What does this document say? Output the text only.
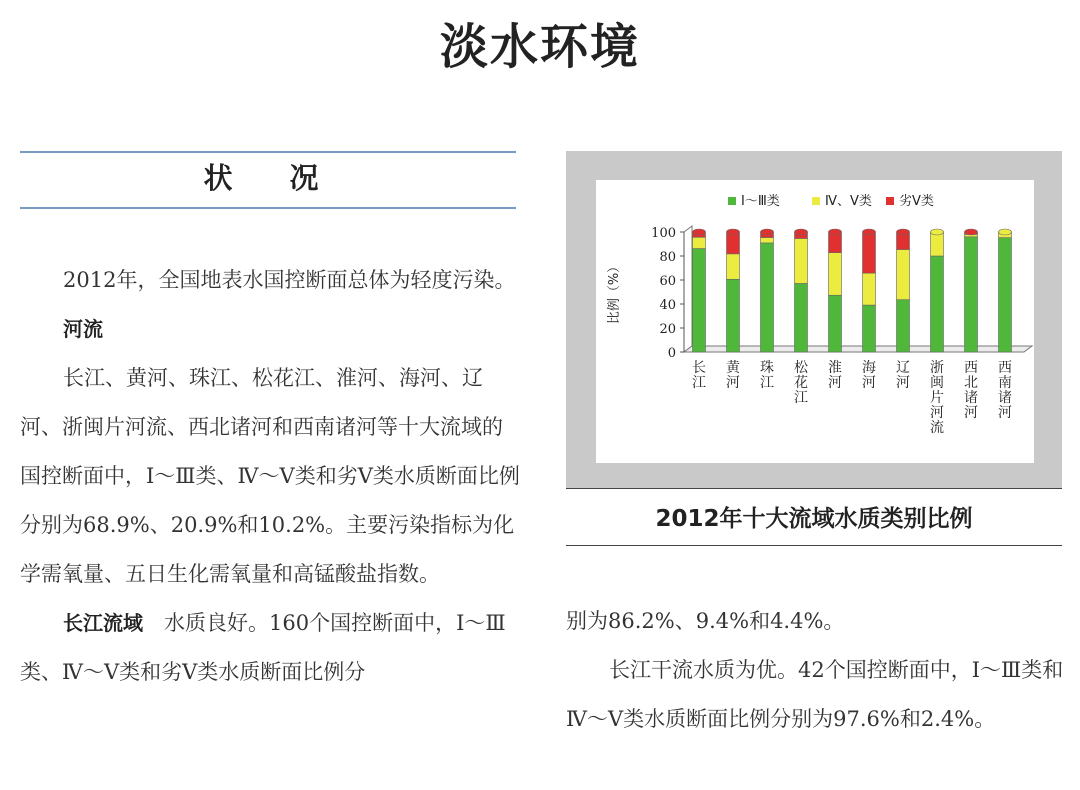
淡水环境
状　况

2012年，全国地表水国控断面总体为轻度污染。

河流

长江、黄河、珠江、松花江、淮河、海河、辽河、浙闽片河流、西北诸河和西南诸河等十大流域的国控断面中，Ⅰ～Ⅲ类、Ⅳ～Ⅴ类和劣Ⅴ类水质断面比例分别为68.9%、20.9%和10.2%。主要污染指标为化学需氧量、五日生化需氧量和高锰酸盐指数。

长江流域　 水质良好。160个国控断面中，Ⅰ～Ⅲ类、Ⅳ～Ⅴ类和劣Ⅴ类水质断面比例分

0
20
40
60
80
100
比例（%）
长
江
黄
河
珠
江
松
花
江
淮
河
海
河
辽
河
浙
闽
片
河
流
西
北
诸
河
西
南
诸
河
Ⅰ～Ⅲ类	Ⅳ、Ⅴ类 劣Ⅴ类
2012年十大流域水质类别比例

别为86.2%、9.4%和4.4%。

长江干流水质为优。42个国控断面中，Ⅰ～Ⅲ类和Ⅳ～Ⅴ类水质断面比例分别为97.6%和2.4%。
